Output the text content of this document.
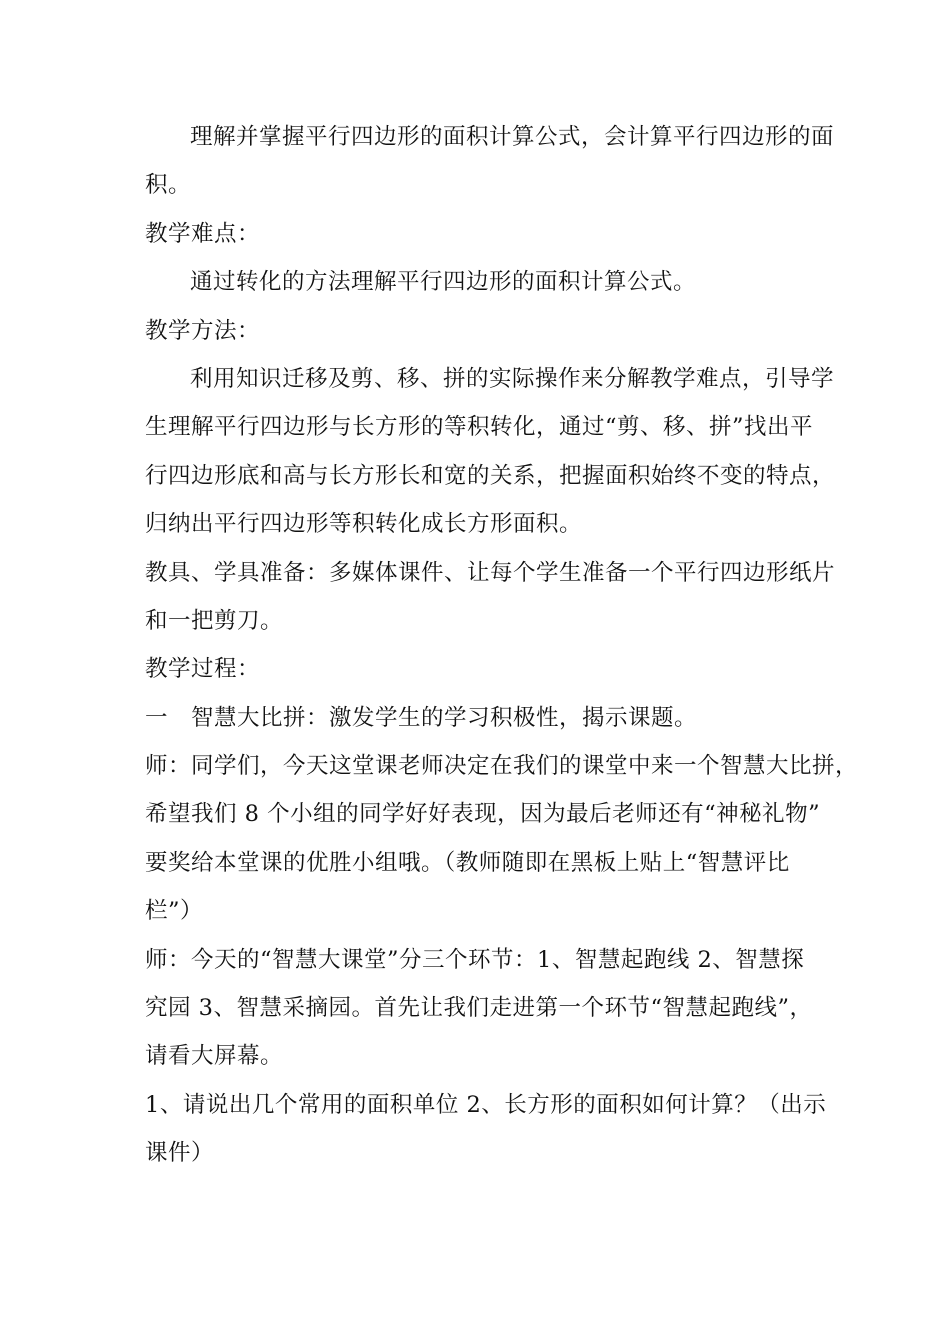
理解并掌握平行四边形的面积计算公式，会计算平行四边形的面
积。
教学难点：
通过转化的方法理解平行四边形的面积计算公式。
教学方法：
利用知识迁移及剪、移、拼的实际操作来分解教学难点，引导学
生理解平行四边形与长方形的等积转化，通过“剪、移、拼”找出平
行四边形底和高与长方形长和宽的关系，把握面积始终不变的特点，
归纳出平行四边形等积转化成长方形面积。
教具、学具准备：多媒体课件、让每个学生准备一个平行四边形纸片
和一把剪刀。
教学过程：
一　智慧大比拼：激发学生的学习积极性，揭示课题。
师：同学们，今天这堂课老师决定在我们的课堂中来一个智慧大比拼，
希望我们 8 个小组的同学好好表现，因为最后老师还有“神秘礼物”
要奖给本堂课的优胜小组哦。（教师随即在黑板上贴上“智慧评比
栏”）
师：今天的“智慧大课堂”分三个环节：1、智慧起跑线 2、智慧探
究园 3、智慧采摘园。首先让我们走进第一个环节“智慧起跑线”，
请看大屏幕。
1、请说出几个常用的面积单位 2、长方形的面积如何计算？（出示
课件）
